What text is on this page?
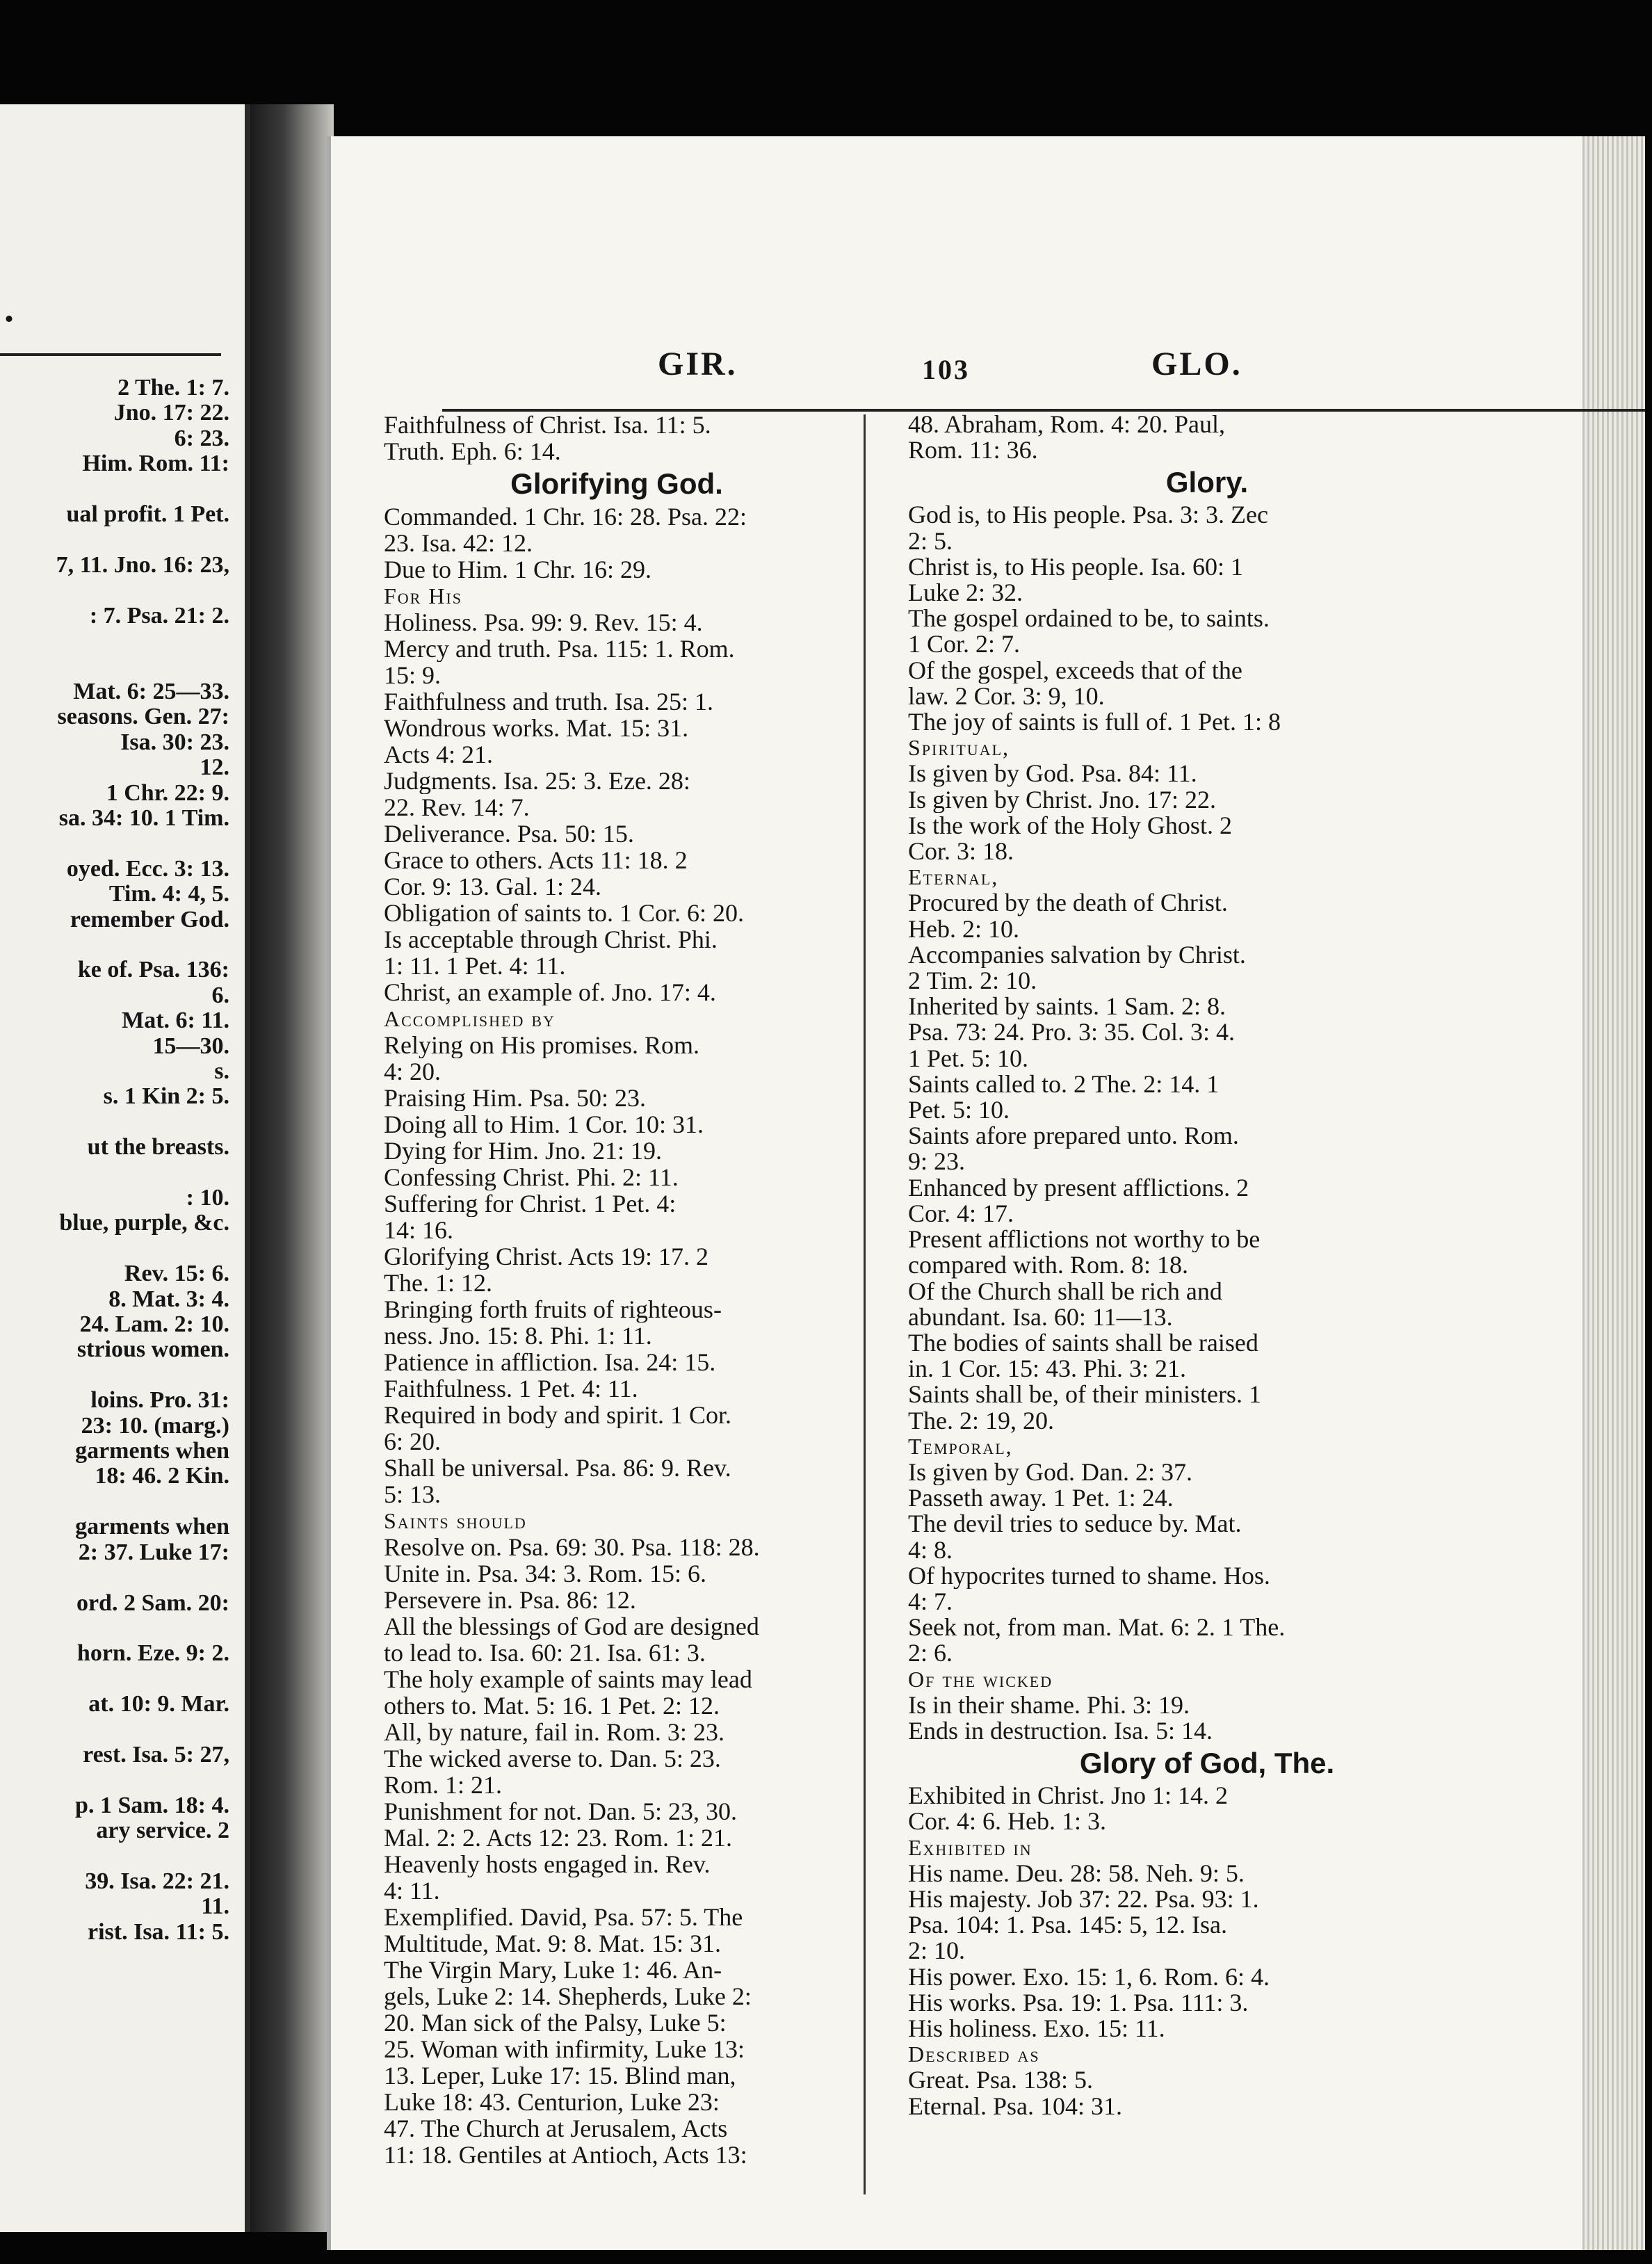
.
2 The. 1: 7.
Jno. 17: 22.
6: 23.
Him. Rom. 11:

ual profit. 1 Pet.

7, 11. Jno. 16: 23,

: 7. Psa. 21: 2.

Mat. 6: 25—33.
seasons. Gen. 27:
Isa. 30: 23.
12.
1 Chr. 22: 9.
sa. 34: 10. 1 Tim.

oyed. Ecc. 3: 13.
Tim. 4: 4, 5.
remember God.

ke of. Psa. 136:
6.
Mat. 6: 11.
15—30.
s.
s. 1 Kin 2: 5.

ut the breasts.

: 10.
blue, purple, &c.

Rev. 15: 6.
8. Mat. 3: 4.
24. Lam. 2: 10.
strious women.

loins. Pro. 31:
23: 10. (marg.)
garments when
18: 46. 2 Kin.

garments when
2: 37. Luke 17:

ord. 2 Sam. 20:

horn. Eze. 9: 2.

at. 10: 9. Mar.

rest. Isa. 5: 27,

p. 1 Sam. 18: 4.
ary service. 2

39. Isa. 22: 21.
11.
rist. Isa. 11: 5.
GIR.	103	GLO.
Faithfulness of Christ. Isa. 11: 5.
Truth. Eph. 6: 14.
Glorifying God.
Commanded. 1 Chr. 16: 28. Psa. 22:
23. Isa. 42: 12.
Due to Him. 1 Chr. 16: 29.
For His
Holiness. Psa. 99: 9. Rev. 15: 4.
Mercy and truth. Psa. 115: 1. Rom.
15: 9.
Faithfulness and truth. Isa. 25: 1.
Wondrous works. Mat. 15: 31.
Acts 4: 21.
Judgments. Isa. 25: 3. Eze. 28:
22. Rev. 14: 7.
Deliverance. Psa. 50: 15.
Grace to others. Acts 11: 18. 2
Cor. 9: 13. Gal. 1: 24.
Obligation of saints to. 1 Cor. 6: 20.
Is acceptable through Christ. Phi.
1: 11. 1 Pet. 4: 11.
Christ, an example of. Jno. 17: 4.
Accomplished by
Relying on His promises. Rom.
4: 20.
Praising Him. Psa. 50: 23.
Doing all to Him. 1 Cor. 10: 31.
Dying for Him. Jno. 21: 19.
Confessing Christ. Phi. 2: 11.
Suffering for Christ. 1 Pet. 4:
14: 16.
Glorifying Christ. Acts 19: 17. 2
The. 1: 12.
Bringing forth fruits of righteous-
ness. Jno. 15: 8. Phi. 1: 11.
Patience in affliction. Isa. 24: 15.
Faithfulness. 1 Pet. 4: 11.
Required in body and spirit. 1 Cor.
6: 20.
Shall be universal. Psa. 86: 9. Rev.
5: 13.
Saints should
Resolve on. Psa. 69: 30. Psa. 118: 28.
Unite in. Psa. 34: 3. Rom. 15: 6.
Persevere in. Psa. 86: 12.
All the blessings of God are designed
to lead to. Isa. 60: 21. Isa. 61: 3.
The holy example of saints may lead
others to. Mat. 5: 16. 1 Pet. 2: 12.
All, by nature, fail in. Rom. 3: 23.
The wicked averse to. Dan. 5: 23.
Rom. 1: 21.
Punishment for not. Dan. 5: 23, 30.
Mal. 2: 2. Acts 12: 23. Rom. 1: 21.
Heavenly hosts engaged in. Rev.
4: 11.
Exemplified. David, Psa. 57: 5. The
Multitude, Mat. 9: 8. Mat. 15: 31.
The Virgin Mary, Luke 1: 46. An-
gels, Luke 2: 14. Shepherds, Luke 2:
20. Man sick of the Palsy, Luke 5:
25. Woman with infirmity, Luke 13:
13. Leper, Luke 17: 15. Blind man,
Luke 18: 43. Centurion, Luke 23:
47. The Church at Jerusalem, Acts
11: 18. Gentiles at Antioch, Acts 13:
48. Abraham, Rom. 4: 20. Paul,
Rom. 11: 36.
Glory.
God is, to His people. Psa. 3: 3. Zec
2: 5.
Christ is, to His people. Isa. 60: 1
Luke 2: 32.
The gospel ordained to be, to saints.
1 Cor. 2: 7.
Of the gospel, exceeds that of the
law. 2 Cor. 3: 9, 10.
The joy of saints is full of. 1 Pet. 1: 8
Spiritual,
Is given by God. Psa. 84: 11.
Is given by Christ. Jno. 17: 22.
Is the work of the Holy Ghost. 2
Cor. 3: 18.
Eternal,
Procured by the death of Christ.
Heb. 2: 10.
Accompanies salvation by Christ.
2 Tim. 2: 10.
Inherited by saints. 1 Sam. 2: 8.
Psa. 73: 24. Pro. 3: 35. Col. 3: 4.
1 Pet. 5: 10.
Saints called to. 2 The. 2: 14. 1
Pet. 5: 10.
Saints afore prepared unto. Rom.
9: 23.
Enhanced by present afflictions. 2
Cor. 4: 17.
Present afflictions not worthy to be
compared with. Rom. 8: 18.
Of the Church shall be rich and
abundant. Isa. 60: 11—13.
The bodies of saints shall be raised
in. 1 Cor. 15: 43. Phi. 3: 21.
Saints shall be, of their ministers. 1
The. 2: 19, 20.
Temporal,
Is given by God. Dan. 2: 37.
Passeth away. 1 Pet. 1: 24.
The devil tries to seduce by. Mat.
4: 8.
Of hypocrites turned to shame. Hos.
4: 7.
Seek not, from man. Mat. 6: 2. 1 The.
2: 6.
Of the wicked
Is in their shame. Phi. 3: 19.
Ends in destruction. Isa. 5: 14.
Glory of God, The.
Exhibited in Christ. Jno 1: 14. 2
Cor. 4: 6. Heb. 1: 3.
Exhibited in
His name. Deu. 28: 58. Neh. 9: 5.
His majesty. Job 37: 22. Psa. 93: 1.
Psa. 104: 1. Psa. 145: 5, 12. Isa.
2: 10.
His power. Exo. 15: 1, 6. Rom. 6: 4.
His works. Psa. 19: 1. Psa. 111: 3.
His holiness. Exo. 15: 11.
Described as
Great. Psa. 138: 5.
Eternal. Psa. 104: 31.
